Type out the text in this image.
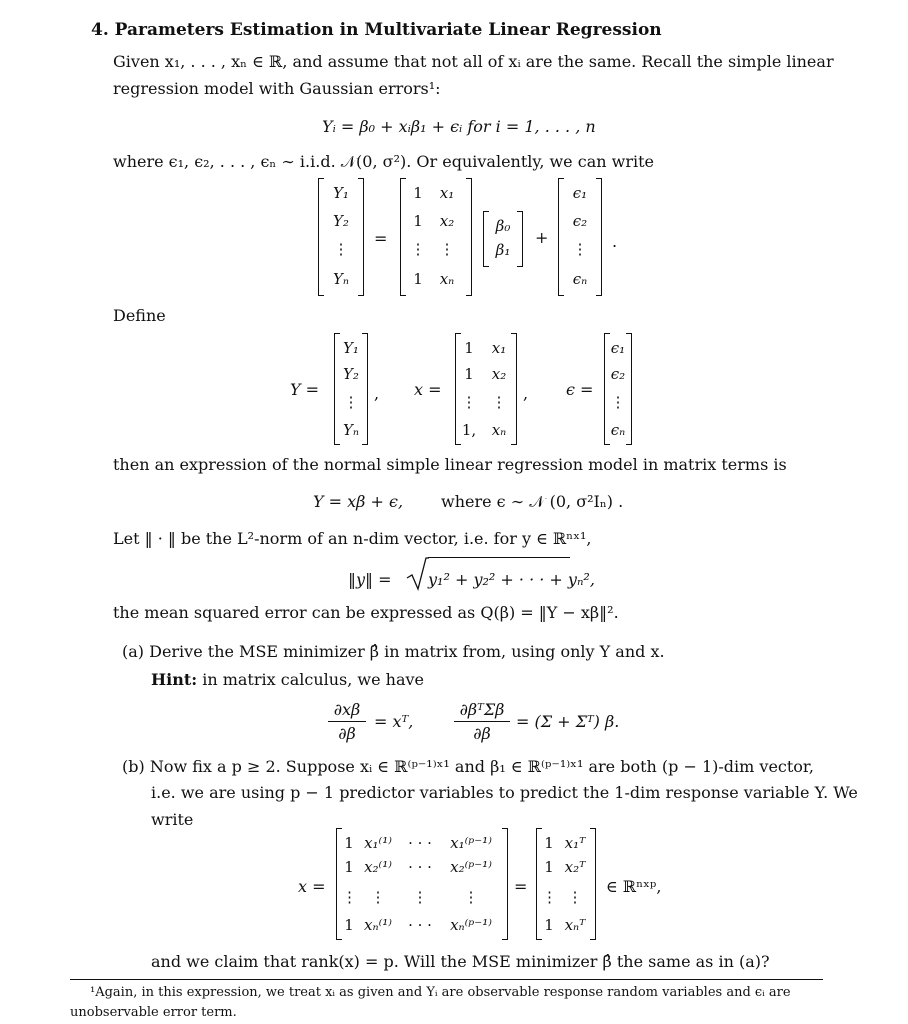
4. Parameters Estimation in Multivariate Linear Regression
Given x₁, . . . , xₙ ∈ ℝ, and assume that not all of xᵢ are the same. Recall the simple linear
regression model with Gaussian errors¹:
Yᵢ = β₀ + xᵢβ₁ + ϵᵢ for i = 1, . . . , n
where ϵ₁, ϵ₂, . . . , ϵₙ ∼ i.i.d. 𝒩(0, σ²). Or equivalently, we can write
Y₁
Y₂
⋮
Yₙ
=
1
1
⋮
1
x₁
x₂
⋮
xₙ
β₀
β₁
+
ϵ₁
ϵ₂
⋮
ϵₙ
.
Define
Y =
Y₁
Y₂
⋮
Yₙ
, x =
1
1
⋮
1,
x₁
x₂
⋮
xₙ
, ϵ =
ϵ₁
ϵ₂
⋮
ϵₙ
then an expression of the normal simple linear regression model in matrix terms is
Y = xβ + ϵ, where ϵ ∼ 𝒩 (0, σ²Iₙ) .
Let ‖ · ‖ be the L²-norm of an n-dim vector, i.e. for y ∈ ℝⁿˣ¹,
‖y‖ = y₁² + y₂² + · · · + yₙ²,
the mean squared error can be expressed as Q(β) = ‖Y − xβ‖².
(a) Derive the MSE minimizer β̂ in matrix from, using only Y and x.
Hint: in matrix calculus, we have
∂xβ
∂β
= xᵀ,
∂βᵀΣβ
∂β
= (Σ + Σᵀ) β.
(b) Now fix a p ≥ 2. Suppose xᵢ ∈ ℝ⁽ᵖ⁻¹⁾ˣ¹ and β₁ ∈ ℝ⁽ᵖ⁻¹⁾ˣ¹ are both (p − 1)-dim vector,
i.e. we are using p − 1 predictor variables to predict the 1-dim response variable Y. We
write
x =
1
1
⋮
1
x₁⁽¹⁾
x₂⁽¹⁾
⋮
xₙ⁽¹⁾
· · ·
· · ·
⋮
· · ·
x₁⁽ᵖ⁻¹⁾
x₂⁽ᵖ⁻¹⁾
⋮
xₙ⁽ᵖ⁻¹⁾
=
1
1
⋮
1
x₁ᵀ
x₂ᵀ
⋮
xₙᵀ
∈ ℝⁿˣᵖ,
and we claim that rank(x) = p. Will the MSE minimizer β̂ the same as in (a)?
¹Again, in this expression, we treat xᵢ as given and Yᵢ are observable response random variables and ϵᵢ are
unobservable error term.
